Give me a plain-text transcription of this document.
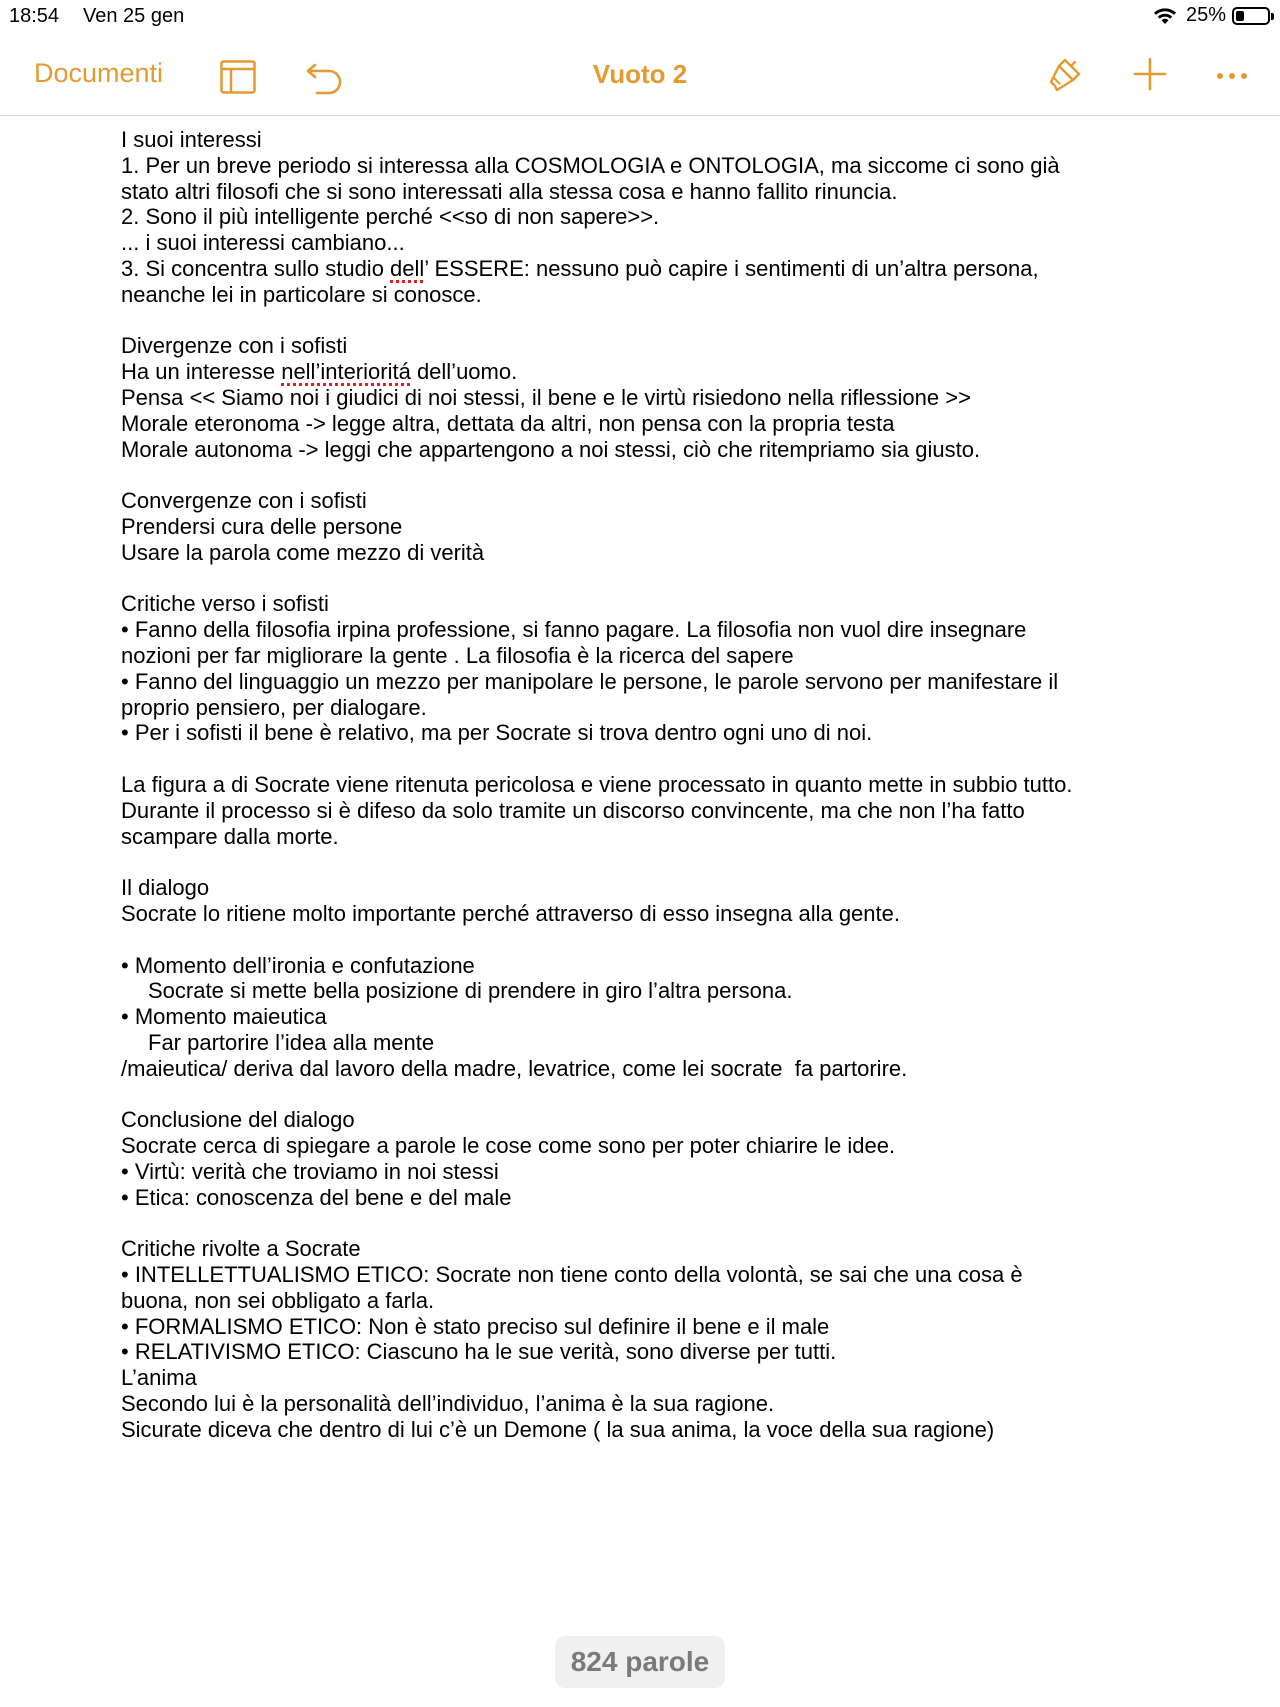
18:54 Ven 25 gen	25%
Documenti	Vuoto 2

I suoi interessi

1. Per un breve periodo si interessa alla COSMOLOGIA e ONTOLOGIA, ma siccome ci sono già

stato altri filosofi che si sono interessati alla stessa cosa e hanno fallito rinuncia.

2. Sono il più intelligente perché <<so di non sapere>>.

... i suoi interessi cambiano...

3. Si concentra sullo studio dell’ ESSERE: nessuno può capire i sentimenti di un’altra persona,

neanche lei in particolare si conosce.

Divergenze con i sofisti

Ha un interesse nell’interioritá dell’uomo.

Pensa << Siamo noi i giudici di noi stessi, il bene e le virtù risiedono nella riflessione >>

Morale eteronoma -> legge altra, dettata da altri, non pensa con la propria testa

Morale autonoma -> leggi che appartengono a noi stessi, ciò che ritempriamo sia giusto.

Convergenze con i sofisti

Prendersi cura delle persone

Usare la parola come mezzo di verità

Critiche verso i sofisti

• Fanno della filosofia irpina professione, si fanno pagare. La filosofia non vuol dire insegnare

nozioni per far migliorare la gente . La filosofia è la ricerca del sapere

• Fanno del linguaggio un mezzo per manipolare le persone, le parole servono per manifestare il

proprio pensiero, per dialogare.

• Per i sofisti il bene è relativo, ma per Socrate si trova dentro ogni uno di noi.

La figura a di Socrate viene ritenuta pericolosa e viene processato in quanto mette in subbio tutto.

Durante il processo si è difeso da solo tramite un discorso convincente, ma che non l’ha fatto

scampare dalla morte.

Il dialogo

Socrate lo ritiene molto importante perché attraverso di esso insegna alla gente.

• Momento dell’ironia e confutazione

Socrate si mette bella posizione di prendere in giro l’altra persona.

• Momento maieutica

Far partorire l’idea alla mente

/maieutica/ deriva dal lavoro della madre, levatrice, come lei socrate  fa partorire.

Conclusione del dialogo

Socrate cerca di spiegare a parole le cose come sono per poter chiarire le idee.

• Virtù: verità che troviamo in noi stessi

• Etica: conoscenza del bene e del male

Critiche rivolte a Socrate

• INTELLETTUALISMO ETICO: Socrate non tiene conto della volontà, se sai che una cosa è

buona, non sei obbligato a farla.

• FORMALISMO ETICO: Non è stato preciso sul definire il bene e il male

• RELATIVISMO ETICO: Ciascuno ha le sue verità, sono diverse per tutti.

L’anima

Secondo lui è la personalità dell’individuo, l’anima è la sua ragione.

Sicurate diceva che dentro di lui c’è un Demone ( la sua anima, la voce della sua ragione)

824 parole
